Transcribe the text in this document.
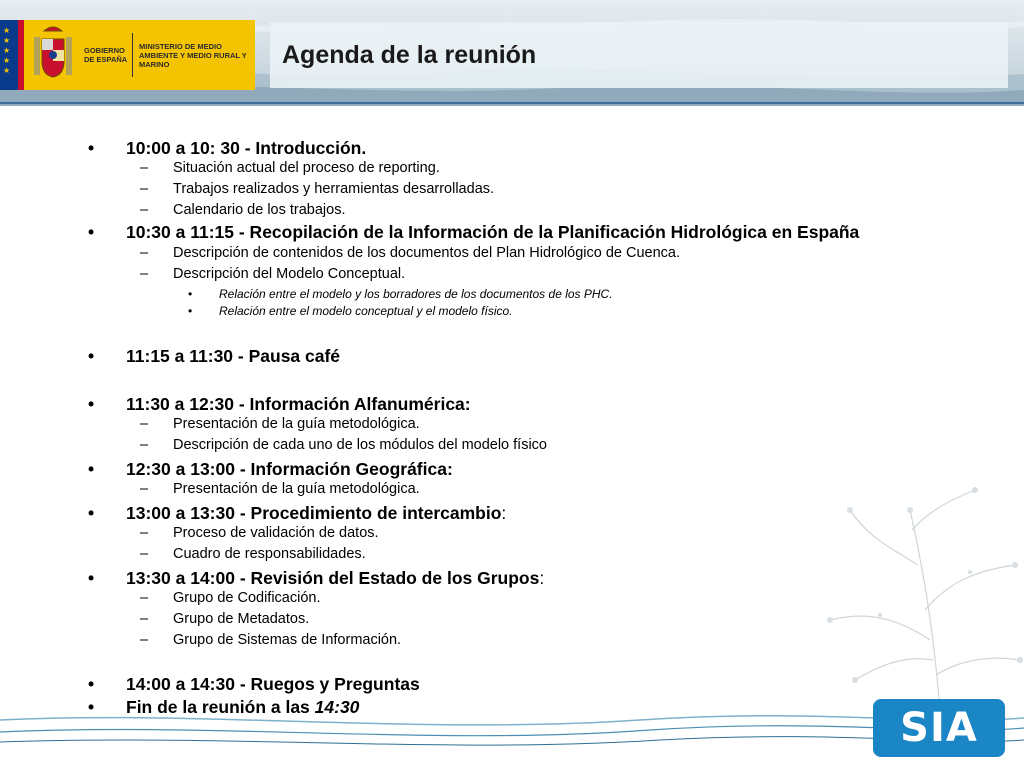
★
★
★
★
★
GOBIERNO DE ESPAÑA
MINISTERIO DE MEDIO AMBIENTE Y MEDIO RURAL Y MARINO	Agenda de la reunión
• 10:00 a 10: 30 - Introducción.
– Situación actual del proceso de reporting.
– Trabajos realizados y herramientas desarrolladas.
– Calendario de los trabajos.
• 10:30 a 11:15 - Recopilación de la Información de la Planificación Hidrológica en España
– Descripción de contenidos de los documentos del Plan Hidrológico de Cuenca.
– Descripción del Modelo Conceptual.
• Relación entre el modelo y los borradores de los documentos de los PHC.
• Relación entre el modelo conceptual y el modelo físico.
• 11:15 a 11:30 - Pausa café
• 11:30 a 12:30 - Información Alfanumérica:
– Presentación de la guía metodológica.
– Descripción de cada uno de los módulos del modelo físico
• 12:30 a 13:00 - Información Geográfica:
– Presentación de la guía metodológica.
• 13:00 a 13:30 - Procedimiento de intercambio:
– Proceso de validación de datos.
– Cuadro de responsabilidades.
• 13:30 a 14:00 - Revisión del Estado de los Grupos:
– Grupo de Codificación.
– Grupo de Metadatos.
– Grupo de Sistemas de Información.
• 14:00 a 14:30 - Ruegos y Preguntas
• Fin de la reunión a las 14:30	SIA
